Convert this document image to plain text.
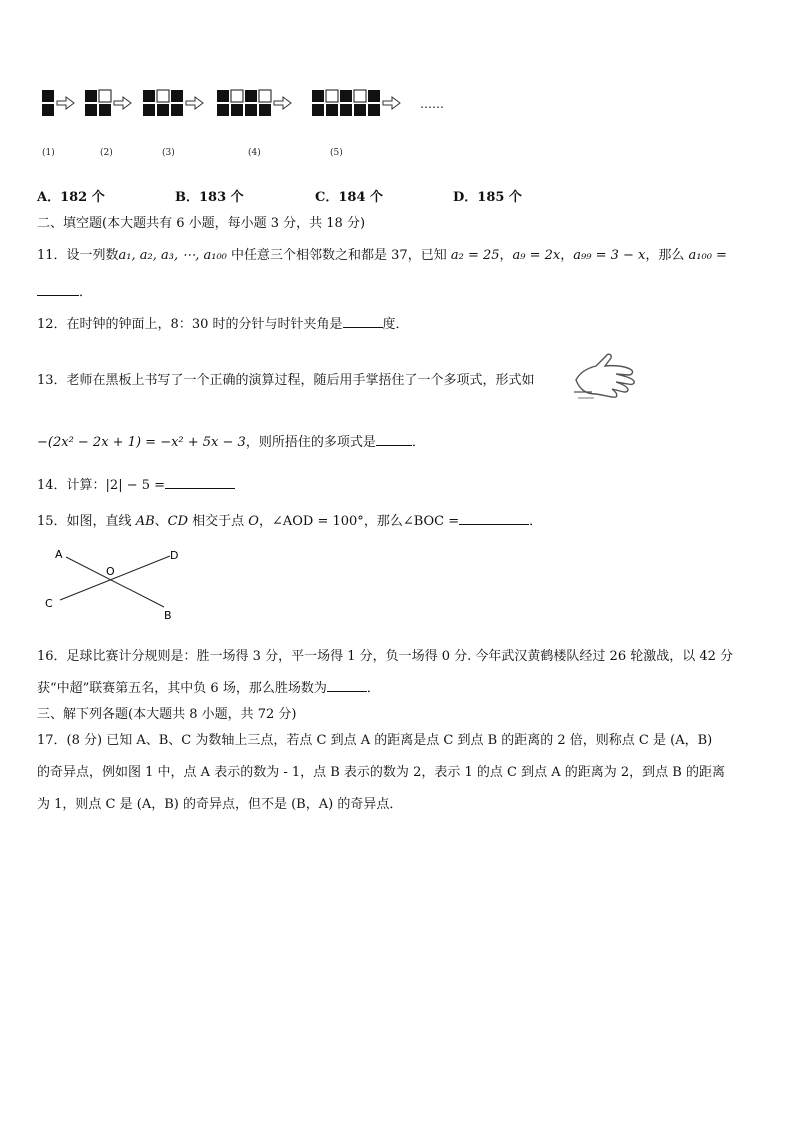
……
(1)	(2)	(3)	(4)	(5)
A．182 个	B．183 个	C．184 个	D．185 个
二、填空题(本大题共有 6 小题，每小题 3 分，共 18 分)
11．设一列数a₁, a₂, a₃, ⋯, a₁₀₀ 中任意三个相邻数之和都是 37，已知 a₂ = 25，a₉ = 2x，a₉₉ = 3 − x，那么 a₁₀₀ =
．
12．在时钟的钟面上，8：30 时的分针与时针夹角是	度．
13．老师在黑板上书写了一个正确的演算过程，随后用手掌捂住了一个多项式，形式如
−(2x² − 2x + 1) = −x² + 5x − 3，则所捂住的多项式是	．
14．计算：|2| − 5 =
15．如图，直线 AB、CD 相交于点 O，∠AOD = 100°，那么∠BOC =	．
A	D
O
C
B
16．足球比赛计分规则是：胜一场得 3 分，平一场得 1 分，负一场得 0 分. 今年武汉黄鹤楼队经过 26 轮激战，以 42 分
获“中超”联赛第五名，其中负 6 场，那么胜场数为	．
三、解下列各题(本大题共 8 小题，共 72 分)
17．(8 分) 已知 A、B、C 为数轴上三点，若点 C 到点 A 的距离是点 C 到点 B 的距离的 2 倍，则称点 C 是 (A，B)
的奇异点，例如图 1 中，点 A 表示的数为 - 1，点 B 表示的数为 2，表示 1 的点 C 到点 A 的距离为 2，到点 B 的距离
为 1，则点 C 是 (A，B) 的奇异点，但不是 (B，A) 的奇异点．
